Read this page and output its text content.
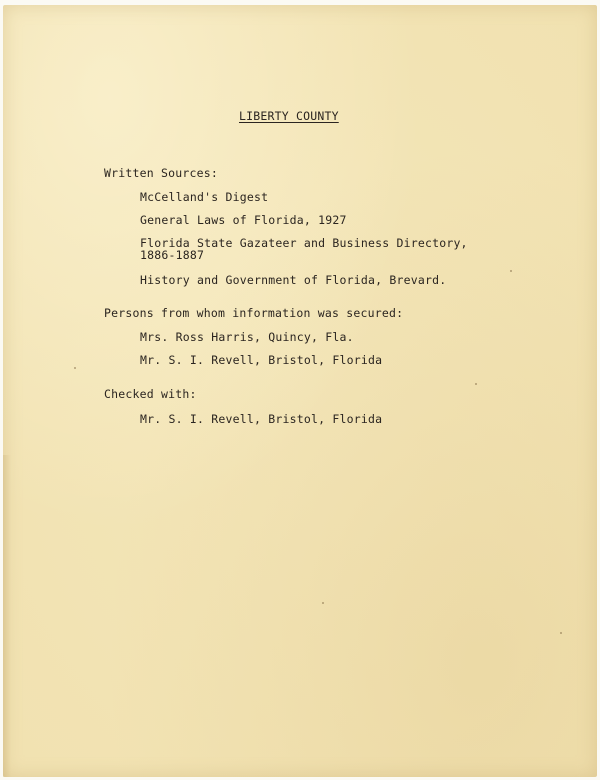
LIBERTY COUNTY
Written Sources:
McCelland's Digest
General Laws of Florida, 1927
Florida State Gazateer and Business Directory,
1886-1887
History and Government of Florida, Brevard.
Persons from whom information was secured:
Mrs. Ross Harris, Quincy, Fla.
Mr. S. I. Revell, Bristol, Florida
Checked with:
Mr. S. I. Revell, Bristol, Florida
